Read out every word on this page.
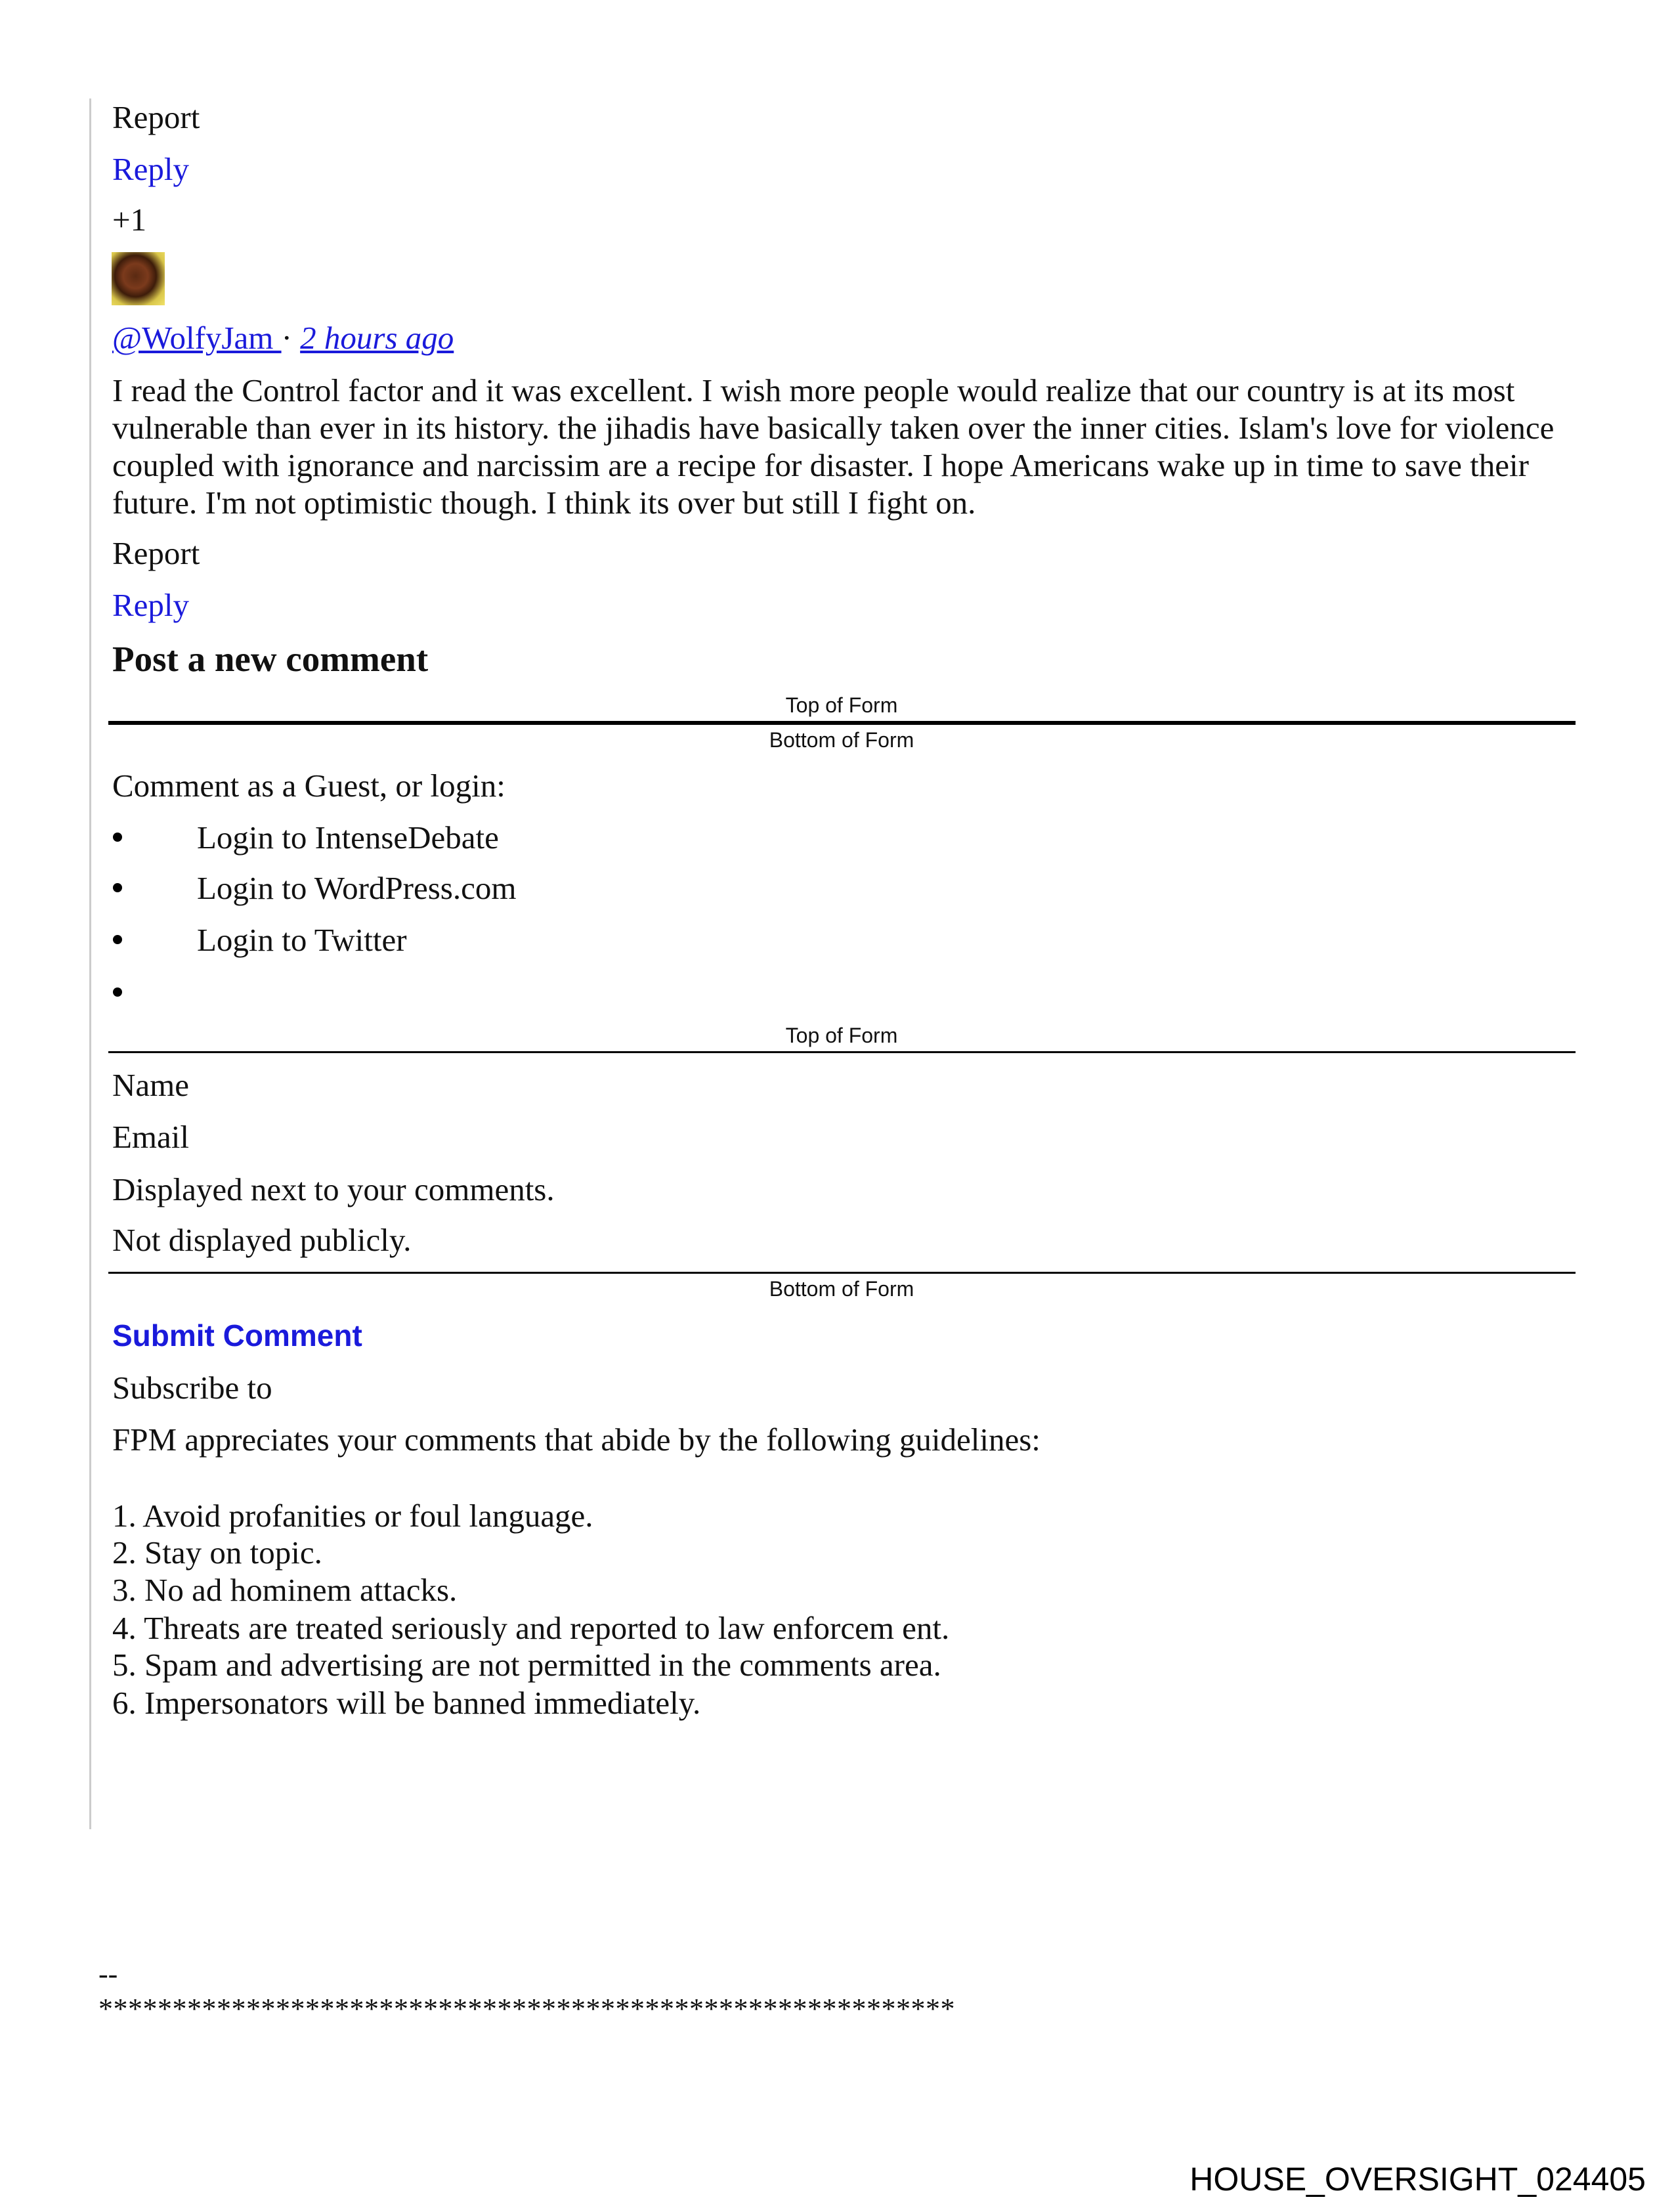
Report
Reply
+1
@WolfyJam · 2 hours ago
I read the Control factor and it was excellent. I wish more people would realize that our country is at its most vulnerable than ever in its history. the jihadis have basically taken over the inner cities. Islam's love for violence coupled with ignorance and narcissim are a recipe for disaster. I hope Americans wake up in time to save their future. I'm not optimistic though. I think its over but still I fight on.
Report
Reply
Post a new comment
Top of Form
Bottom of Form
Comment as a Guest, or login:
Login to IntenseDebate
Login to WordPress.com
Login to Twitter
Top of Form
Name
Email
Displayed next to your comments.
Not displayed publicly.
Bottom of Form
Submit Comment
Subscribe to
FPM appreciates your comments that abide by the following guidelines:
1. Avoid profanities or foul language.
2. Stay on topic.
3. No ad hominem attacks.
4. Threats are treated seriously and reported to law enforcem ent.
5. Spam and advertising are not permitted in the comments area.
6. Impersonators will be banned immediately.
--
**********************************************************
HOUSE_OVERSIGHT_024405
